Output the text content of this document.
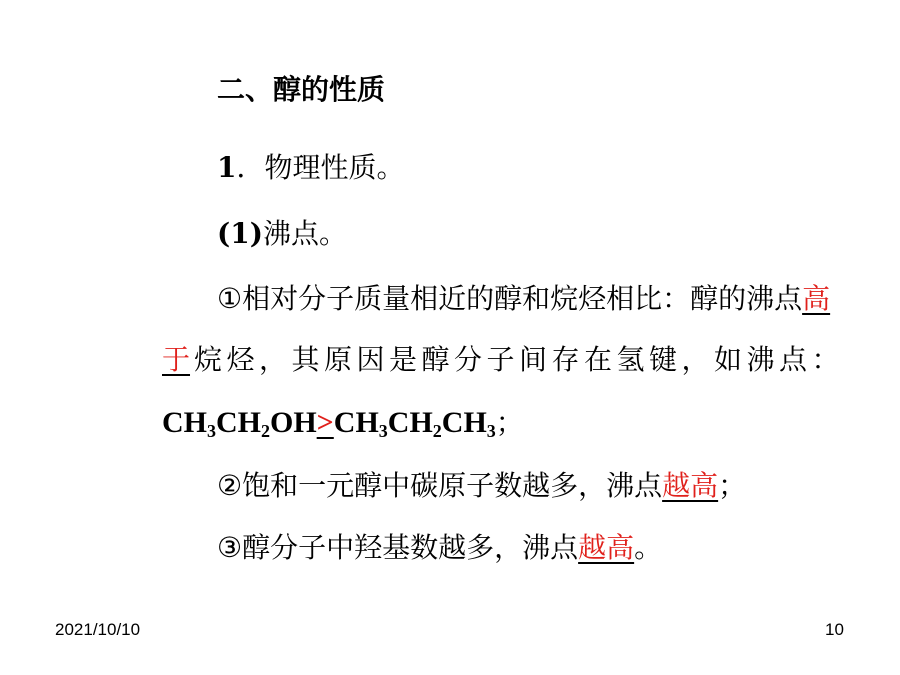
二、醇的性质
1．物理性质。
(1)沸点。
①相对分子质量相近的醇和烷烃相比：醇的沸点高
于 烷烃，其原因是醇分子间存在氢键，如沸点：
$CH_3CH_2OH>CH_3CH_2CH_3$；
②饱和一元醇中碳原子数越多，沸点越高；
③醇分子中羟基数越多，沸点越高。
2021/10/10	10
